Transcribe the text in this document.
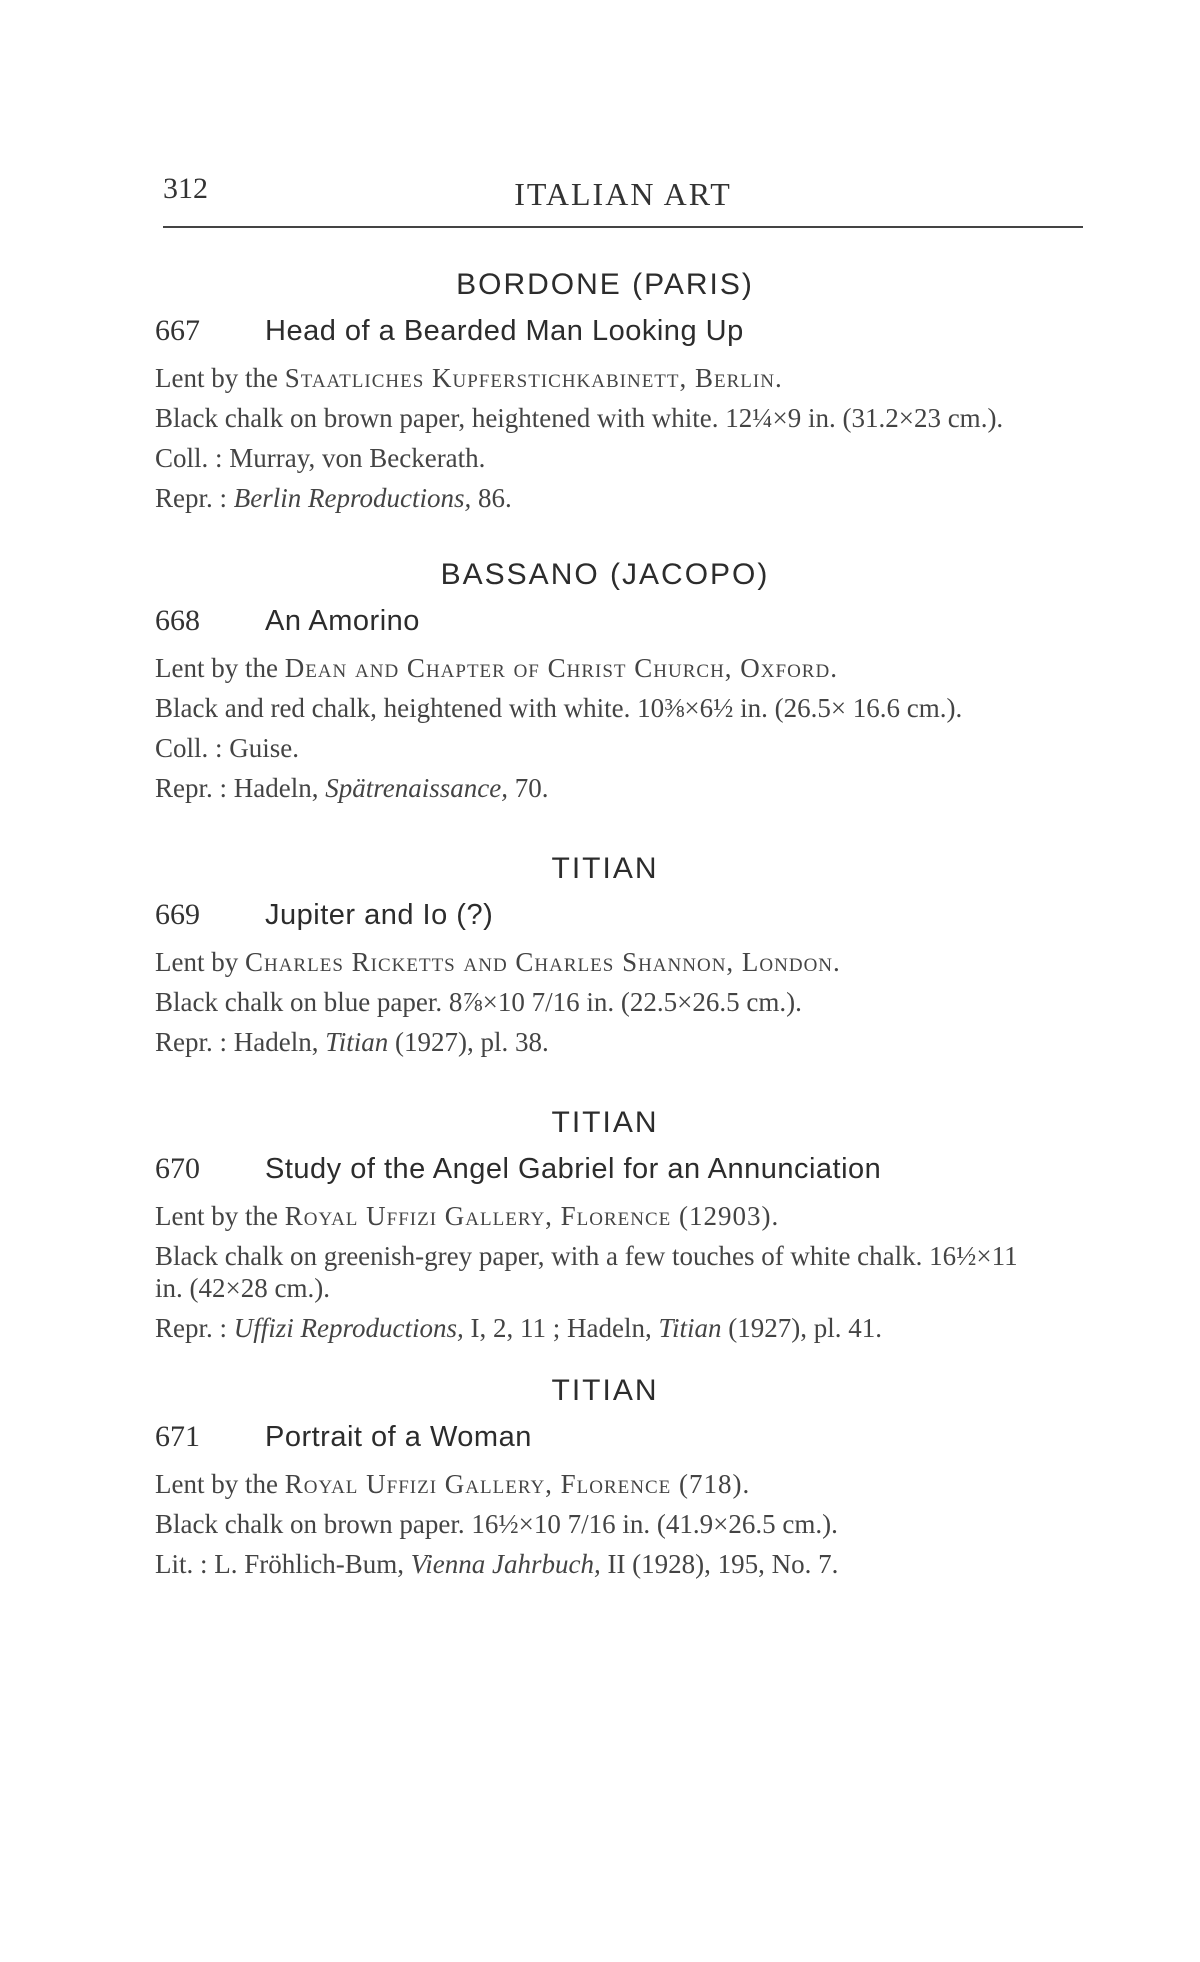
312	ITALIAN ART
BORDONE (PARIS)
667	Head of a Bearded Man Looking Up

Lent by the Staatliches Kupferstichkabinett, Berlin.

Black chalk on brown paper, heightened with white. 12¼×9 in. (31.2×23 cm.).

Coll. : Murray, von Beckerath.

Repr. : Berlin Reproductions, 86.

BASSANO (JACOPO)
668	An Amorino

Lent by the Dean and Chapter of Christ Church, Oxford.

Black and red chalk, heightened with white. 10⅜×6½ in. (26.5× 16.6 cm.).

Coll. : Guise.

Repr. : Hadeln, Spätrenaissance, 70.

TITIAN
669	Jupiter and Io (?)

Lent by Charles Ricketts and Charles Shannon, London.

Black chalk on blue paper. 8⅞×10 7/16 in. (22.5×26.5 cm.).

Repr. : Hadeln, Titian (1927), pl. 38.

TITIAN
670	Study of the Angel Gabriel for an Annunciation

Lent by the Royal Uffizi Gallery, Florence (12903).

Black chalk on greenish-grey paper, with a few touches of white chalk. 16½×11 in. (42×28 cm.).

Repr. : Uffizi Reproductions, I, 2, 11 ; Hadeln, Titian (1927), pl. 41.

TITIAN
671	Portrait of a Woman

Lent by the Royal Uffizi Gallery, Florence (718).

Black chalk on brown paper. 16½×10 7/16 in. (41.9×26.5 cm.).

Lit. : L. Fröhlich-Bum, Vienna Jahrbuch, II (1928), 195, No. 7.
